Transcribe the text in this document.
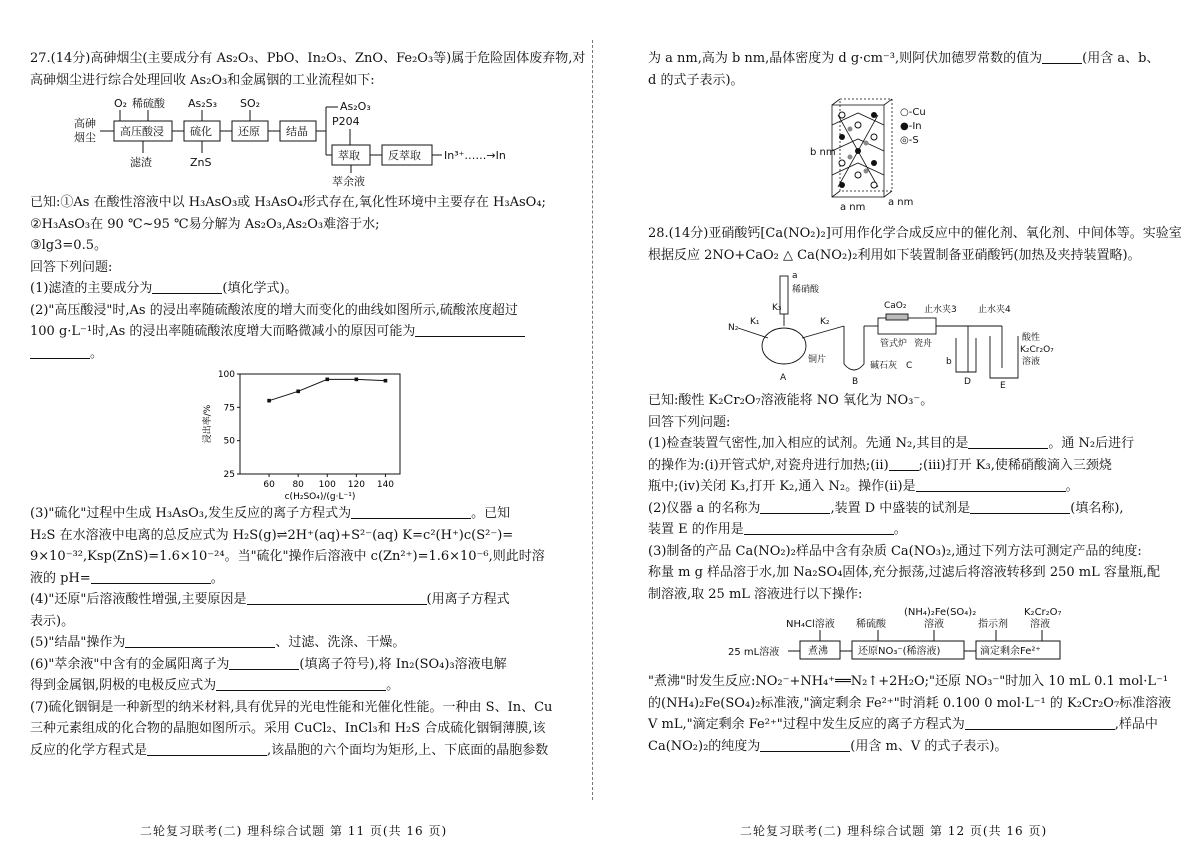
27.(14分)高砷烟尘(主要成分有 As₂O₃、PbO、In₂O₃、ZnO、Fe₂O₃等)属于危险固体废弃物,对
高砷烟尘进行综合处理回收 As₂O₃和金属铟的工业流程如下:
高砷
烟尘 高压酸浸
O₂ 稀硫酸
滤渣
硫化
As₂S₃
ZnS
还原
SO₂
结晶
As₂O₃
P204
萃取
萃余液
反萃取 In³⁺……→In
已知:①As 在酸性溶液中以 H₃AsO₃或 H₃AsO₄形式存在,氧化性环境中主要存在 H₃AsO₄;
②H₃AsO₃在 90 ℃~95 ℃易分解为 As₂O₃,As₂O₃难溶于水;
③lg3=0.5。
回答下列问题:
(1)滤渣的主要成分为	(填化学式)。
(2)"高压酸浸"时,As 的浸出率随硫酸浓度的增大而变化的曲线如图所示,硫酸浓度超过
100 g·L⁻¹时,As 的浸出率随硫酸浓度增大而略微减小的原因可能为
。
25
50
75
100
60 80 100 120 140
c(H₂SO₄)/(g·L⁻¹)
浸出率/%
(3)"硫化"过程中生成 H₃AsO₃,发生反应的离子方程式为	。已知
H₂S 在水溶液中电离的总反应式为 H₂S(g)⇌2H⁺(aq)+S²⁻(aq) K=c²(H⁺)c(S²⁻)=
9×10⁻³²,Ksp(ZnS)=1.6×10⁻²⁴。当"硫化"操作后溶液中 c(Zn²⁺)=1.6×10⁻⁶,则此时溶
液的 pH=	。
(4)"还原"后溶液酸性增强,主要原因是	(用离子方程式
表示)。
(5)"结晶"操作为	、过滤、洗涤、干燥。
(6)"萃余液"中含有的金属阳离子为	(填离子符号),将 In₂(SO₄)₃溶液电解
得到金属铟,阴极的电极反应式为	。
(7)硫化铟铜是一种新型的纳米材料,具有优异的光电性能和光催化性能。一种由 S、In、Cu
三种元素组成的化合物的晶胞如图所示。采用 CuCl₂、InCl₃和 H₂S 合成硫化铟铜薄膜,该
反应的化学方程式是	,该晶胞的六个面均为矩形,上、下底面的晶胞参数
二轮复习联考(二) 理科综合试题 第 11 页(共 16 页)
为 a nm,高为 b nm,晶体密度为 d g·cm⁻³,则阿伏加德罗常数的值为	(用含 a、b、
d 的式子表示)。
○-Cu
●-In
◎-S
b nm
a nm a nm
28.(14分)亚硝酸钙[Ca(NO₂)₂]可用作化学合成反应中的催化剂、氧化剂、中间体等。实验室
根据反应 2NO+CaO₂ △ Ca(NO₂)₂利用如下装置制备亚硝酸钙(加热及夹持装置略)。
a
稀硝酸
N₂
K₁
K₃
K₂
CaO₂ 止水夹3 止水夹4
管式炉 瓷舟
铜片
碱石灰	b
酸性
K₂Cr₂O₇
溶液
A	B
C
D	E
已知:酸性 K₂Cr₂O₇溶液能将 NO 氧化为 NO₃⁻。
回答下列问题:
(1)检查装置气密性,加入相应的试剂。先通 N₂,其目的是	。通 N₂后进行
的操作为:(ⅰ)开管式炉,对瓷舟进行加热;(ⅱ) ;(ⅲ)打开 K₃,使稀硝酸滴入三颈烧
瓶中;(ⅳ)关闭 K₃,打开 K₂,通入 N₂。操作(ⅱ)是	。
(2)仪器 a 的名称为	,装置 D 中盛装的试剂是	(填名称),
装置 E 的作用是	。
(3)制备的产品 Ca(NO₂)₂样品中含有杂质 Ca(NO₃)₂,通过下列方法可测定产品的纯度:
称量 m g 样品溶于水,加 Na₂SO₄固体,充分振荡,过滤后将溶液转移到 250 mL 容量瓶,配
制溶液,取 25 mL 溶液进行以下操作:
25 mL溶液	煮沸
NH₄Cl溶液
还原NO₃⁻(稀溶液)
稀硫酸
(NH₄)₂Fe(SO₄)₂
溶液
滴定剩余Fe²⁺
指示剂
K₂Cr₂O₇
溶液
"煮沸"时发生反应:NO₂⁻+NH₄⁺══N₂↑+2H₂O;"还原 NO₃⁻"时加入 10 mL 0.1 mol·L⁻¹
的(NH₄)₂Fe(SO₄)₂标准液,"滴定剩余 Fe²⁺"时消耗 0.100 0 mol·L⁻¹ 的 K₂Cr₂O₇标准溶液
V mL,"滴定剩余 Fe²⁺"过程中发生反应的离子方程式为	,样品中
Ca(NO₂)₂的纯度为	(用含 m、V 的式子表示)。
二轮复习联考(二) 理科综合试题 第 12 页(共 16 页)
